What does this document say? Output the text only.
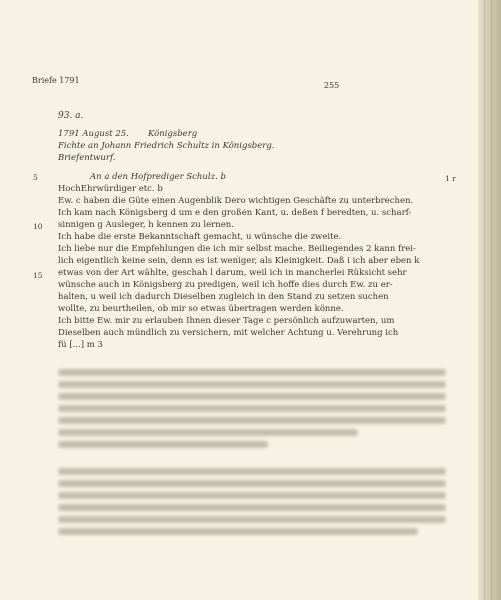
Briefe 1791
255
93. a.
1791 August 25. Königsberg
Fichte an Johann Friedrich Schultz in Königsberg.
Briefentwurf.
5
10
15
1 r
An a den Hofprediger Schulz. b
HochEhrwürdiger etc. b
Ew. c haben die Güte einen Augenblik Dero wichtigen Geschäfte zu unterbrechen.
Ich kam nach Königsberg d um e den großen Kant, u. deßen f beredten, u. scharf-
sinnigen g Ausleger, h kennen zu lernen.
Ich habe die erste Bekanntschaft gemacht, u wünsche die zweite.
Ich liebe nur die Empfehlungen die ich mir selbst mache. Beiliegendes 2 kann frei-
lich eigentlich keine sein, denn es ist weniger, als Kleinigkeit. Daß i ich aber eben k
etwas von der Art wählte, geschah l darum, weil ich in mancherlei Rüksicht sehr
wünsche auch in Königsberg zu predigen, weil ich hoffe dies durch Ew. zu er-
halten, u weil ich dadurch Dieselben zugleich in den Stand zu setzen suchen
wollte, zu beurtheilen, ob mir so etwas übertragen werden könne.
Ich bitte Ew. mir zu erlauben Ihnen dieser Tage c persönlich aufzuwarten, um
Dieselben auch mündlich zu versichern, mit welcher Achtung u. Verehrung ich
fü [...] m 3
